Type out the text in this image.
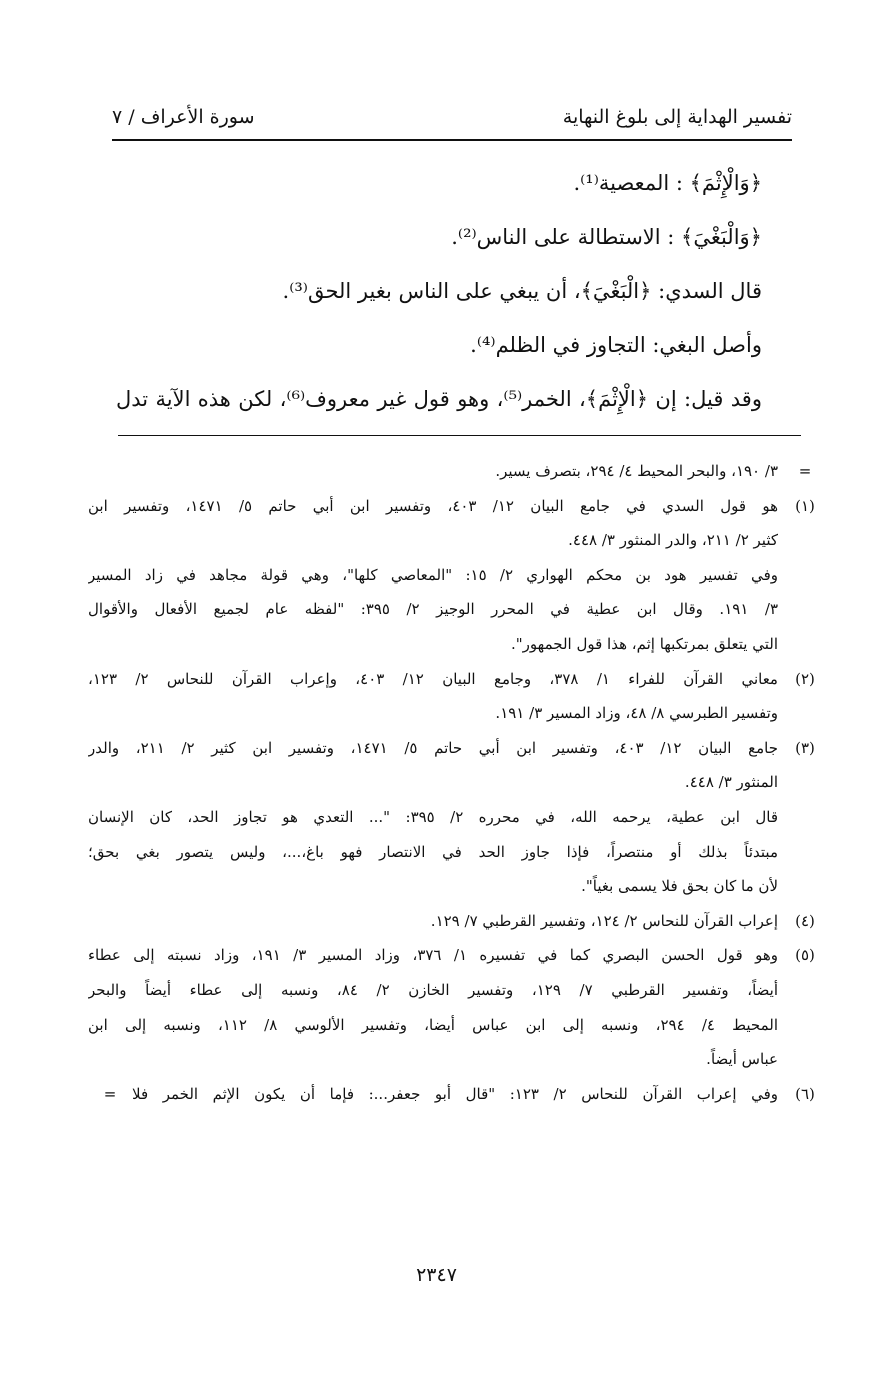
تفسير الهداية إلى بلوغ النهاية
سورة الأعراف / ٧
﴿وَالْإِثْمَ﴾ : المعصية⁽¹⁾.
﴿وَالْبَغْيَ﴾ : الاستطالة على الناس⁽²⁾.
قال السدي: ﴿الْبَغْيَ﴾، أن يبغي على الناس بغير الحق⁽³⁾.
وأصل البغي: التجاوز في الظلم⁽⁴⁾.
وقد قيل: إن ﴿الْإِثْمَ﴾، الخمر⁽⁵⁾، وهو قول غير معروف⁽⁶⁾، لكن هذه الآية تدل
=
٣/ ١٩٠، والبحر المحيط ٤/ ٢٩٤، بتصرف يسير.
(١)
هو قول السدي في جامع البيان ١٢/ ٤٠٣، وتفسير ابن أبي حاتم ٥/ ١٤٧١، وتفسير ابن
كثير ٢/ ٢١١، والدر المنثور ٣/ ٤٤٨.
وفي تفسير هود بن محكم الهواري ٢/ ١٥: "المعاصي كلها"، وهي قولة مجاهد في زاد المسير
٣/ ١٩١. وقال ابن عطية في المحرر الوجيز ٢/ ٣٩٥: "لفظه عام لجميع الأفعال والأقوال
التي يتعلق بمرتكبها إثم، هذا قول الجمهور".
(٢)
معاني القرآن للفراء ١/ ٣٧٨، وجامع البيان ١٢/ ٤٠٣، وإعراب القرآن للنحاس ٢/ ١٢٣،
وتفسير الطبرسي ٨/ ٤٨، وزاد المسير ٣/ ١٩١.
(٣)
جامع البيان ١٢/ ٤٠٣، وتفسير ابن أبي حاتم ٥/ ١٤٧١، وتفسير ابن كثير ٢/ ٢١١، والدر
المنثور ٣/ ٤٤٨.
قال ابن عطية، يرحمه الله، في محرره ٢/ ٣٩٥: "... التعدي هو تجاوز الحد، كان الإنسان
مبتدئاً بذلك أو منتصراً، فإذا جاوز الحد في الانتصار فهو باغ،...، وليس يتصور بغي بحق؛
لأن ما كان بحق فلا يسمى بغياً".
(٤)
إعراب القرآن للنحاس ٢/ ١٢٤، وتفسير القرطبي ٧/ ١٢٩.
(٥)
وهو قول الحسن البصري كما في تفسيره ١/ ٣٧٦، وزاد المسير ٣/ ١٩١، وزاد نسبته إلى عطاء
أيضاً، وتفسير القرطبي ٧/ ١٢٩، وتفسير الخازن ٢/ ٨٤، ونسبه إلى عطاء أيضاً والبحر
المحيط ٤/ ٢٩٤، ونسبه إلى ابن عباس أيضا، وتفسير الألوسي ٨/ ١١٢، ونسبه إلى ابن
عباس أيضاً.
(٦)
وفي إعراب القرآن للنحاس ٢/ ١٢٣: "قال أبو جعفر...: فإما أن يكون الإثم الخمر فلا
=
٢٣٤٧
